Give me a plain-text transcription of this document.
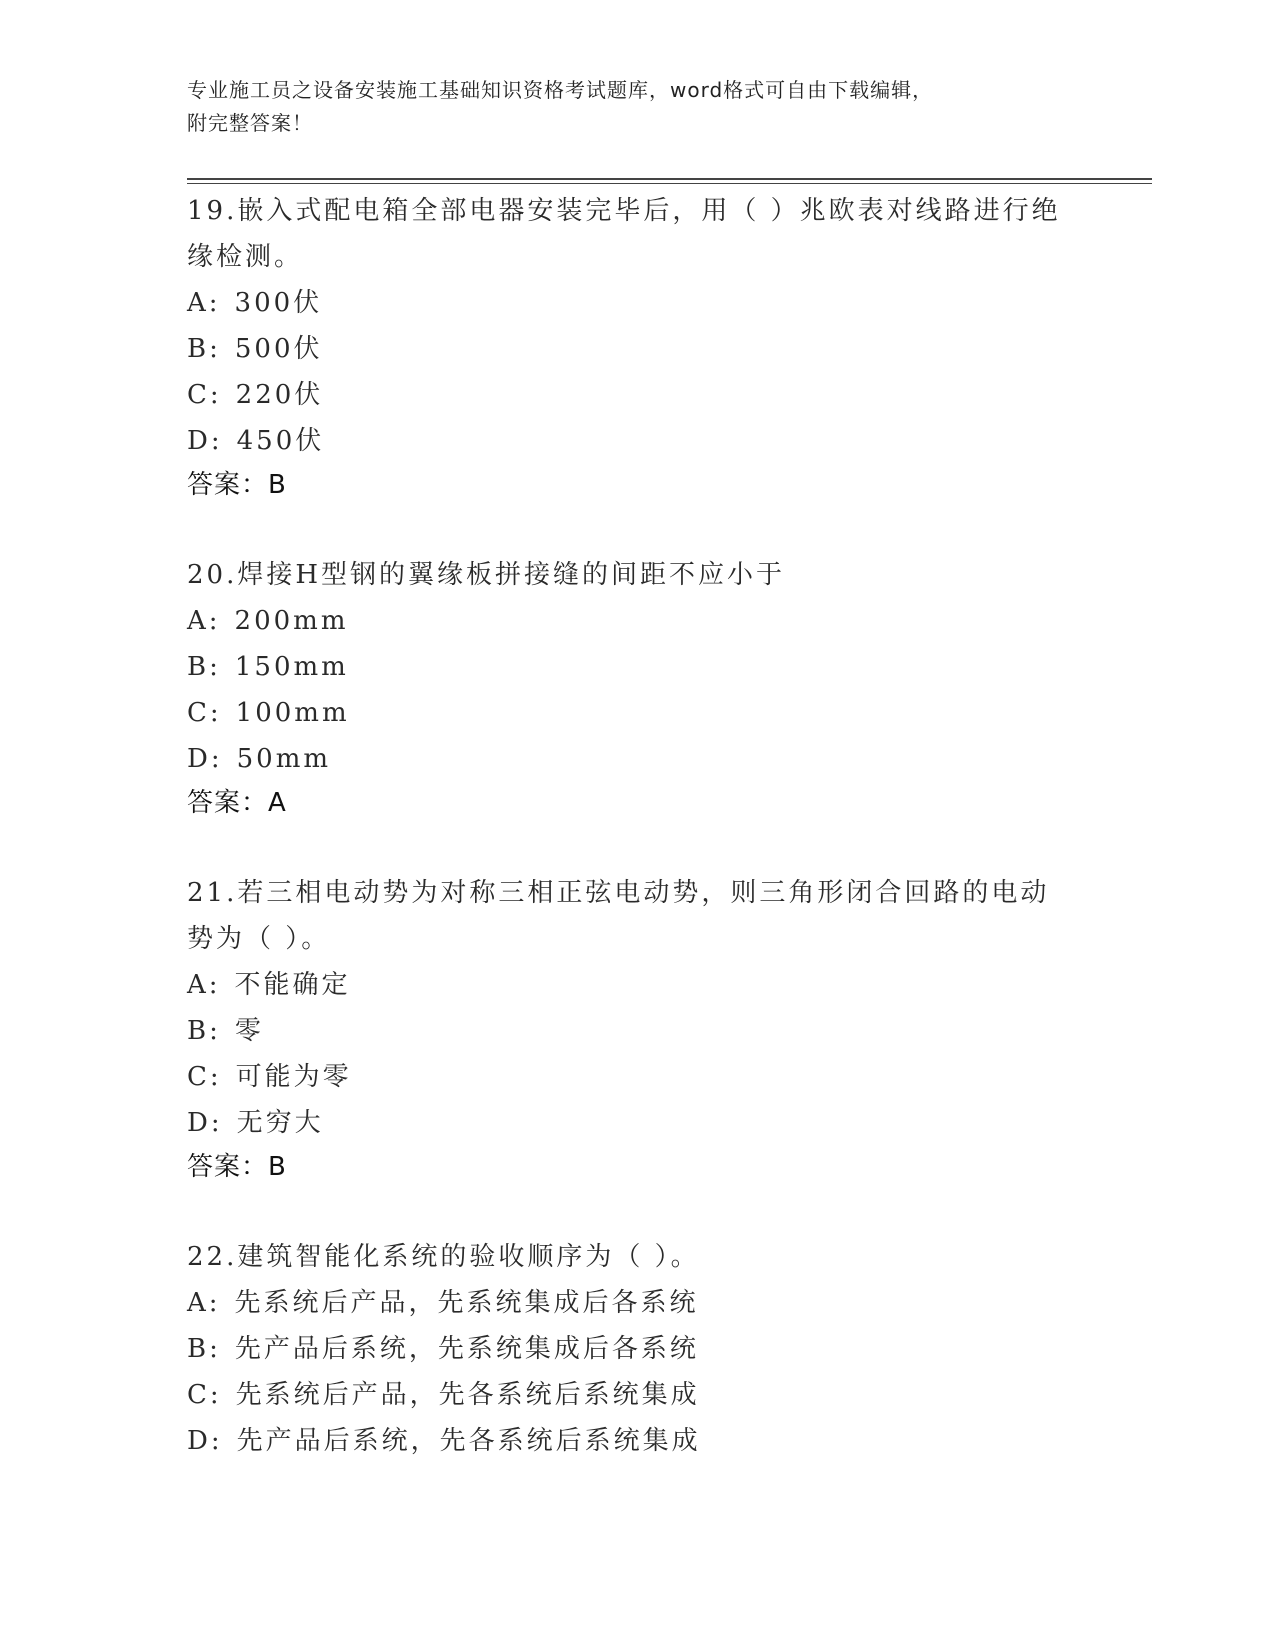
专业施工员之设备安装施工基础知识资格考试题库，word格式可自由下载编辑，
附完整答案！
19.嵌入式配电箱全部电器安装完毕后，用（ ）兆欧表对线路进行绝缘检测。
A: 300伏
B: 500伏
C: 220伏
D: 450伏
答案：B
20.焊接H型钢的翼缘板拼接缝的间距不应小于
A: 200mm
B: 150mm
C: 100mm
D: 50mm
答案：A
21.若三相电动势为对称三相正弦电动势，则三角形闭合回路的电动势为（ ）。
A: 不能确定
B: 零
C: 可能为零
D: 无穷大
答案：B
22.建筑智能化系统的验收顺序为（ ）。
A: 先系统后产品，先系统集成后各系统
B: 先产品后系统，先系统集成后各系统
C: 先系统后产品，先各系统后系统集成
D: 先产品后系统，先各系统后系统集成
